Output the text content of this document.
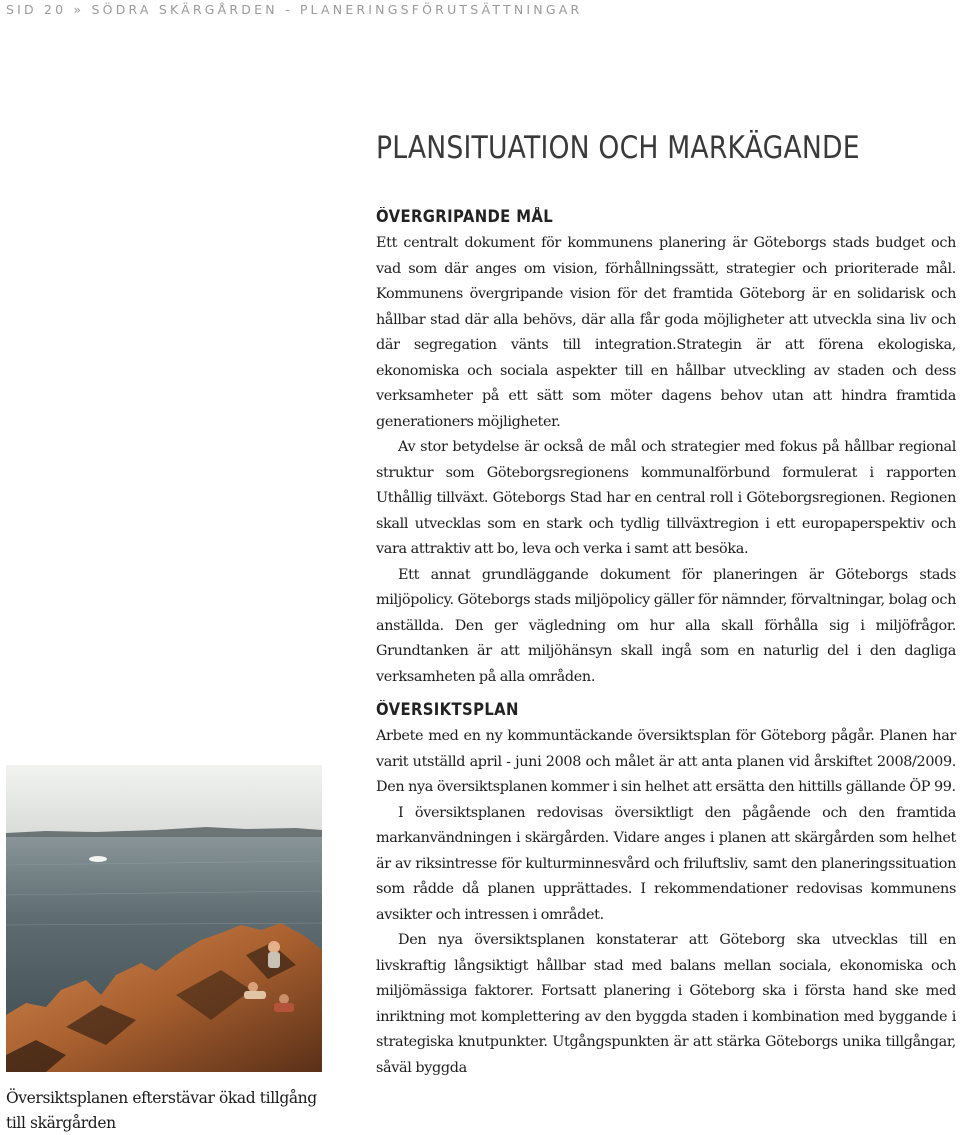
SID 20 » SÖDRA SKÄRGÅRDEN - PLANERINGSFÖRUTSÄTTNINGAR
PLANSITUATION OCH MARKÄGANDE
ÖVERGRIPANDE MÅL

Ett centralt dokument för kommunens planering är Göteborgs stads budget och vad som där anges om vision, förhållningssätt, strategier och prioriterade mål. Kommunens övergripande vision för det framtida Göteborg är en solidarisk och hållbar stad där alla behövs, där alla får goda möjligheter att utveckla sina liv och där segregation vänts till integration.Strategin är att förena ekologiska, ekonomiska och sociala aspekter till en hållbar utveckling av staden och dess verksamheter på ett sätt som möter dagens behov utan att hindra framtida generationers möjligheter.

Av stor betydelse är också de mål och strategier med fokus på hållbar regional struktur som Göteborgsregionens kommunalförbund formulerat i rapporten Uthållig tillväxt. Göteborgs Stad har en central roll i Göteborgsregionen. Regionen skall utvecklas som en stark och tydlig tillväxtregion i ett europaperspektiv och vara attraktiv att bo, leva och verka i samt att besöka.

Ett annat grundläggande dokument för planeringen är Göteborgs stads miljöpolicy. Göteborgs stads miljöpolicy gäller för nämnder, förvaltningar, bolag och anställda. Den ger vägledning om hur alla skall förhålla sig i miljöfrågor. Grundtanken är att miljöhänsyn skall ingå som en naturlig del i den dagliga verksamheten på alla områden.

ÖVERSIKTSPLAN

Arbete med en ny kommuntäckande översiktsplan för Göteborg pågår. Planen har varit utställd april - juni 2008 och målet är att anta planen vid årskiftet 2008/2009. Den nya översiktsplanen kommer i sin helhet att ersätta den hittills gällande ÖP 99.

I översiktsplanen redovisas översiktligt den pågående och den framtida markanvändningen i skärgården. Vidare anges i planen att skärgården som helhet är av riksintresse för kulturminnesvård och friluftsliv, samt den planeringssituation som rådde då planen upprättades. I rekommendationer redovisas kommunens avsikter och intressen i området.

Den nya översiktsplanen konstaterar att Göteborg ska utvecklas till en livskraftig långsiktigt hållbar stad med balans mellan sociala, ekonomiska och miljömässiga faktorer. Fortsatt planering i Göteborg ska i första hand ske med inriktning mot komplettering av den byggda staden i kombination med byggande i strategiska knutpunkter. Utgångspunkten är att stärka Göteborgs unika tillgångar, såväl byggda

Översiktsplanen efterstävar ökad tillgång till skärgården
